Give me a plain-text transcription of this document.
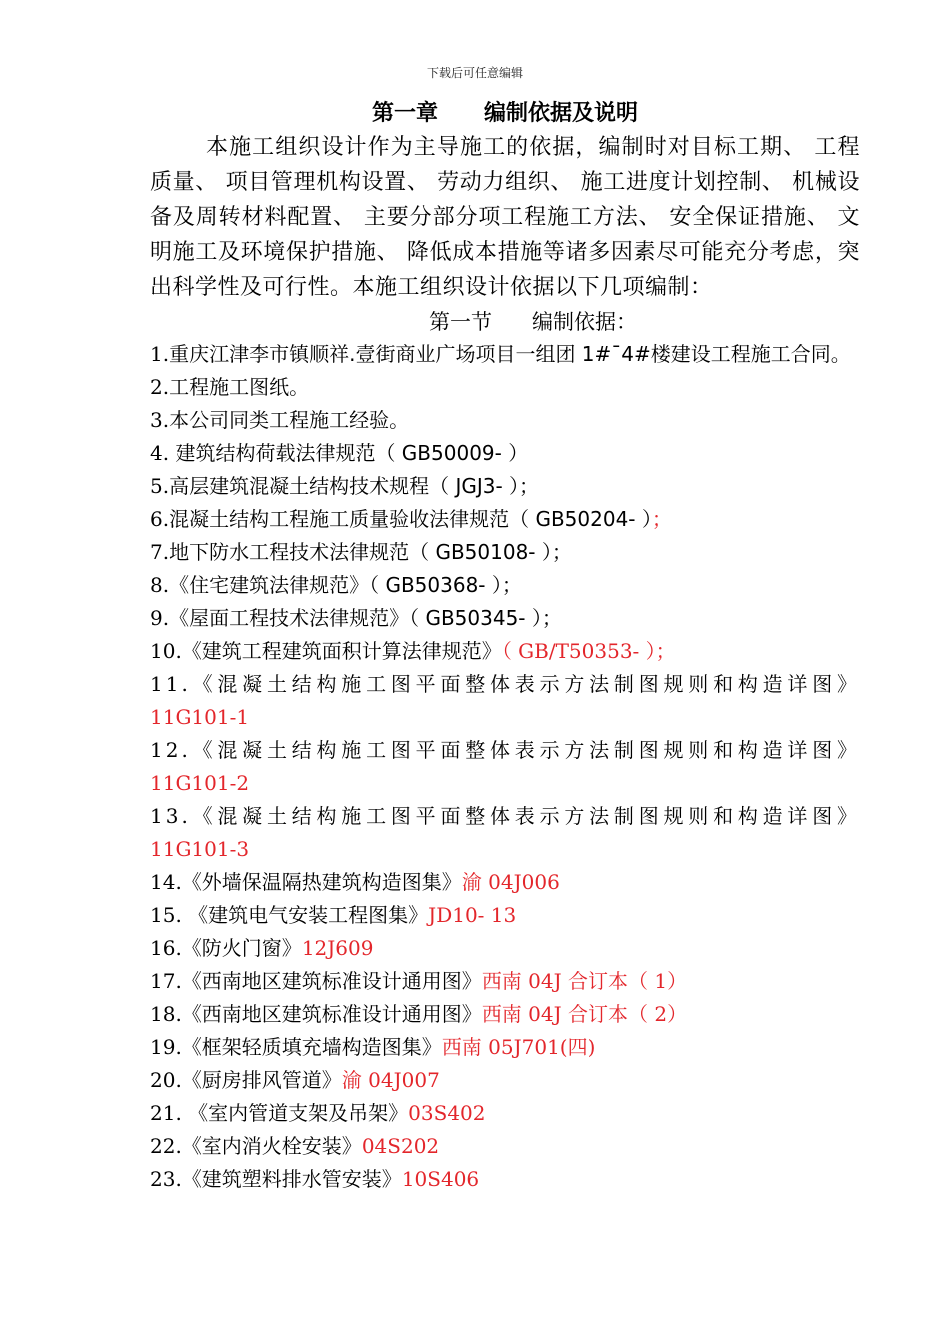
下载后可任意编辑
第一章      编制依据及说明

本施工组织设计作为主导施工的依据，编制时对目标工期、 工程质量、 项目管理机构设置、 劳动力组织、 施工进度计划控制、 机械设备及周转材料配置、 主要分部分项工程施工方法、 安全保证措施、 文明施工及环境保护措施、 降低成本措施等诸多因素尽可能充分考虑，突出科学性及可行性。本施工组织设计依据以下几项编制：

第一节      编制依据：
1.重庆江津李市镇顺祥.壹街商业广场项目一组团 1#¯4#楼建设工程施工合同。
2.工程施工图纸。
3.本公司同类工程施工经验。
4. 建筑结构荷载法律规范（ GB50009- ）
5.高层建筑混凝土结构技术规程（ JGJ3- ）；
6.混凝土结构工程施工质量验收法律规范（ GB50204- ）；
7.地下防水工程技术法律规范（ GB50108- ）；
8.《住宅建筑法律规范》（ GB50368- ）；
9.《屋面工程技术法律规范》（ GB50345- ）；
10.《建筑工程建筑面积计算法律规范》（ GB/T50353- ）；
11.《混凝土结构施工图平面整体表示方法制图规则和构造详图》11G101-1
12.《混凝土结构施工图平面整体表示方法制图规则和构造详图》11G101-2
13.《混凝土结构施工图平面整体表示方法制图规则和构造详图》11G101-3
14.《外墙保温隔热建筑构造图集》渝 04J006
15. 《建筑电气安装工程图集》JD10- 13
16.《防火门窗》12J609
17.《西南地区建筑标准设计通用图》西南 04J 合订本（ 1）
18.《西南地区建筑标准设计通用图》西南 04J 合订本（ 2）
19.《框架轻质填充墙构造图集》西南 05J701(四)
20.《厨房排风管道》渝 04J007
21. 《室内管道支架及吊架》03S402
22.《室内消火栓安装》04S202
23.《建筑塑料排水管安装》10S406
